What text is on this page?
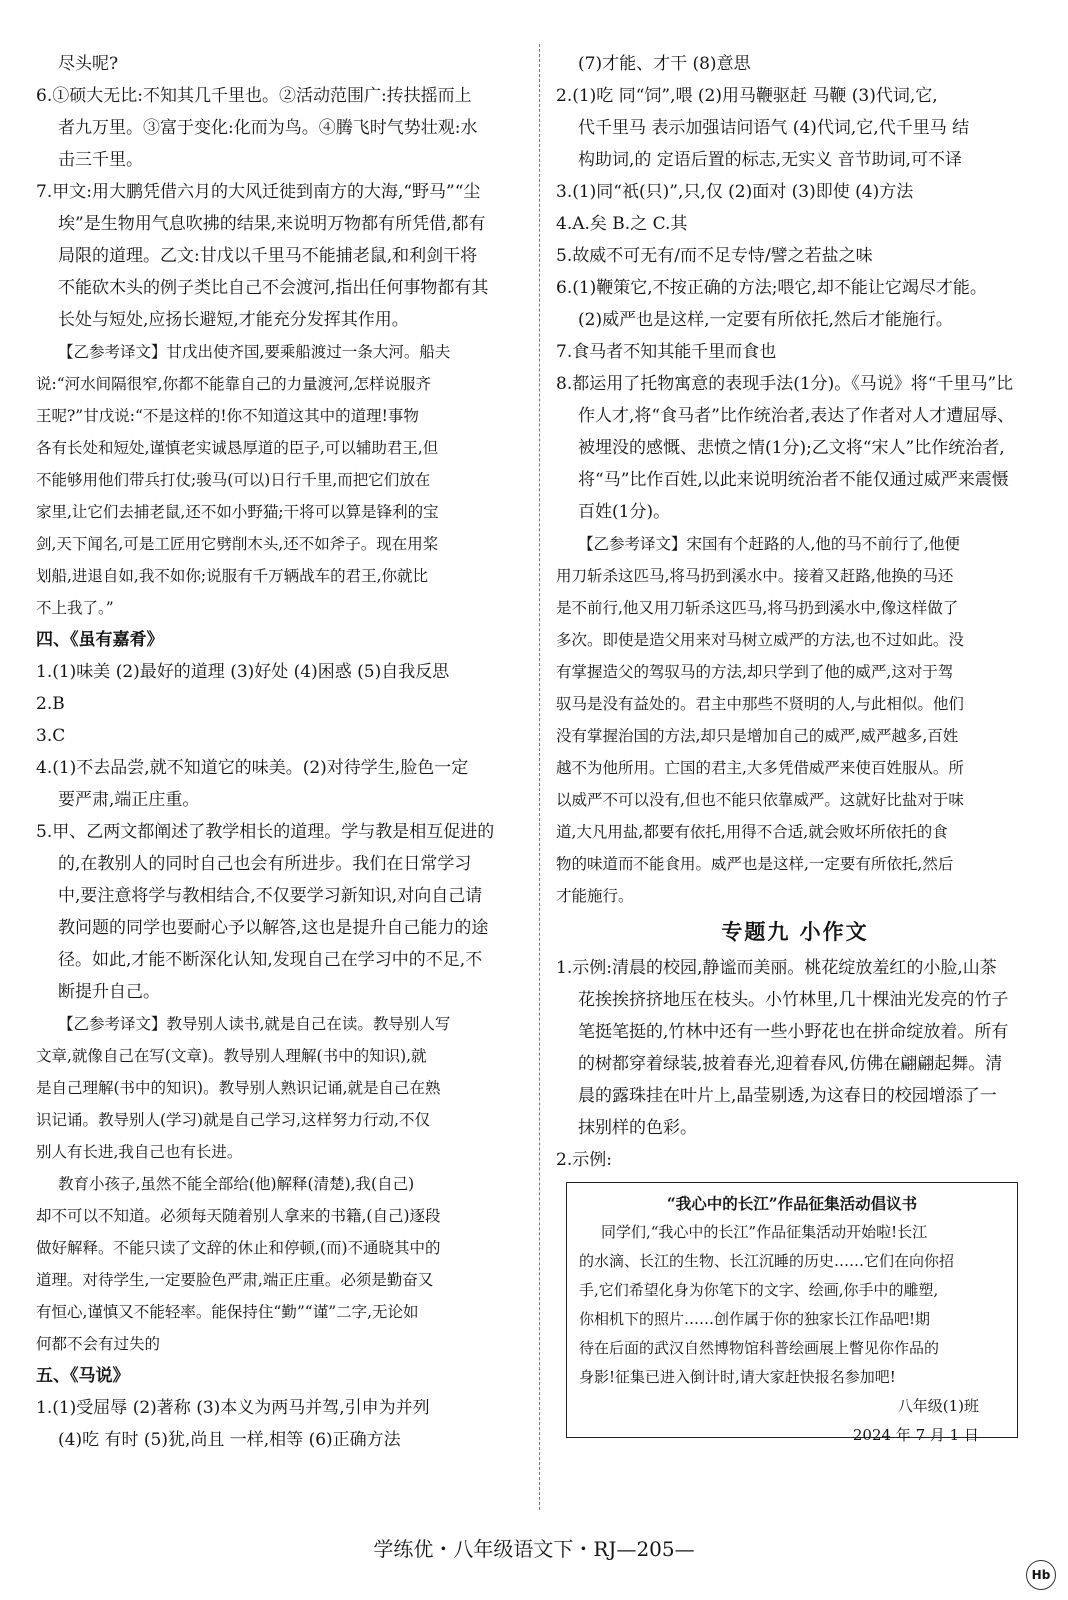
尽头呢?
6.①硕大无比:不知其几千里也。②活动范围广:抟扶摇而上
者九万里。③富于变化:化而为鸟。④腾飞时气势壮观:水
击三千里。
7.甲文:用大鹏凭借六月的大风迁徙到南方的大海,“野马”“尘
埃”是生物用气息吹拂的结果,来说明万物都有所凭借,都有
局限的道理。乙文:甘戊以千里马不能捕老鼠,和利剑干将
不能砍木头的例子类比自己不会渡河,指出任何事物都有其
长处与短处,应扬长避短,才能充分发挥其作用。
【乙参考译文】甘戊出使齐国,要乘船渡过一条大河。船夫
说:“河水间隔很窄,你都不能靠自己的力量渡河,怎样说服齐
王呢?”甘戊说:“不是这样的!你不知道这其中的道理!事物
各有长处和短处,谨慎老实诚恳厚道的臣子,可以辅助君王,但
不能够用他们带兵打仗;骏马(可以)日行千里,而把它们放在
家里,让它们去捕老鼠,还不如小野猫;干将可以算是锋利的宝
剑,天下闻名,可是工匠用它劈削木头,还不如斧子。现在用桨
划船,进退自如,我不如你;说服有千万辆战车的君王,你就比
不上我了。”
四、《虽有嘉肴》
1.(1)味美 (2)最好的道理 (3)好处 (4)困惑 (5)自我反思
2.B
3.C
4.(1)不去品尝,就不知道它的味美。(2)对待学生,脸色一定
要严肃,端正庄重。
5.甲、乙两文都阐述了教学相长的道理。学与教是相互促进的
的,在教别人的同时自己也会有所进步。我们在日常学习
中,要注意将学与教相结合,不仅要学习新知识,对向自己请
教问题的同学也要耐心予以解答,这也是提升自己能力的途
径。如此,才能不断深化认知,发现自己在学习中的不足,不
断提升自己。
【乙参考译文】教导别人读书,就是自己在读。教导别人写
文章,就像自己在写(文章)。教导别人理解(书中的知识),就
是自己理解(书中的知识)。教导别人熟识记诵,就是自己在熟
识记诵。教导别人(学习)就是自己学习,这样努力行动,不仅
别人有长进,我自己也有长进。
教育小孩子,虽然不能全部给(他)解释(清楚),我(自己)
却不可以不知道。必须每天随着别人拿来的书籍,(自己)逐段
做好解释。不能只读了文辞的休止和停顿,(而)不通晓其中的
道理。对待学生,一定要脸色严肃,端正庄重。必须是勤奋又
有恒心,谨慎又不能轻率。能保持住“勤”“谨”二字,无论如
何都不会有过失的
五、《马说》
1.(1)受屈辱 (2)著称 (3)本义为两马并驾,引申为并列
(4)吃 有时 (5)犹,尚且 一样,相等 (6)正确方法
(7)才能、才干 (8)意思
2.(1)吃 同“饲”,喂 (2)用马鞭驱赶 马鞭 (3)代词,它,
代千里马 表示加强诘问语气 (4)代词,它,代千里马 结
构助词,的 定语后置的标志,无实义 音节助词,可不译
3.(1)同“祇(只)”,只,仅 (2)面对 (3)即使 (4)方法
4.A.矣 B.之 C.其
5.故威不可无有/而不足专恃/譬之若盐之味
6.(1)鞭策它,不按正确的方法;喂它,却不能让它竭尽才能。
(2)威严也是这样,一定要有所依托,然后才能施行。
7.食马者不知其能千里而食也
8.都运用了托物寓意的表现手法(1分)。《马说》将“千里马”比
作人才,将“食马者”比作统治者,表达了作者对人才遭屈辱、
被埋没的感慨、悲愤之情(1分);乙文将“宋人”比作统治者,
将“马”比作百姓,以此来说明统治者不能仅通过威严来震慑
百姓(1分)。
【乙参考译文】宋国有个赶路的人,他的马不前行了,他便
用刀斩杀这匹马,将马扔到溪水中。接着又赶路,他换的马还
是不前行,他又用刀斩杀这匹马,将马扔到溪水中,像这样做了
多次。即使是造父用来对马树立威严的方法,也不过如此。没
有掌握造父的驾驭马的方法,却只学到了他的威严,这对于驾
驭马是没有益处的。君主中那些不贤明的人,与此相似。他们
没有掌握治国的方法,却只是增加自己的威严,威严越多,百姓
越不为他所用。亡国的君主,大多凭借威严来使百姓服从。所
以威严不可以没有,但也不能只依靠威严。这就好比盐对于味
道,大凡用盐,都要有依托,用得不合适,就会败坏所依托的食
物的味道而不能食用。威严也是这样,一定要有所依托,然后
才能施行。
专题九 小作文
1.示例:清晨的校园,静谧而美丽。桃花绽放羞红的小脸,山茶
花挨挨挤挤地压在枝头。小竹林里,几十棵油光发亮的竹子
笔挺笔挺的,竹林中还有一些小野花也在拼命绽放着。所有
的树都穿着绿装,披着春光,迎着春风,仿佛在翩翩起舞。清
晨的露珠挂在叶片上,晶莹剔透,为这春日的校园增添了一
抹别样的色彩。
2.示例:
“我心中的长江”作品征集活动倡议书
同学们,“我心中的长江”作品征集活动开始啦!长江
的水滴、长江的生物、长江沉睡的历史……它们在向你招
手,它们希望化身为你笔下的文字、绘画,你手中的雕塑,
你相机下的照片……创作属于你的独家长江作品吧!期
待在后面的武汉自然博物馆科普绘画展上瞥见你作品的
身影!征集已进入倒计时,请大家赶快报名参加吧!
八年级(1)班
2024 年 7 月 1 日
学练优・八年级语文下・RJ—205—
Hb
